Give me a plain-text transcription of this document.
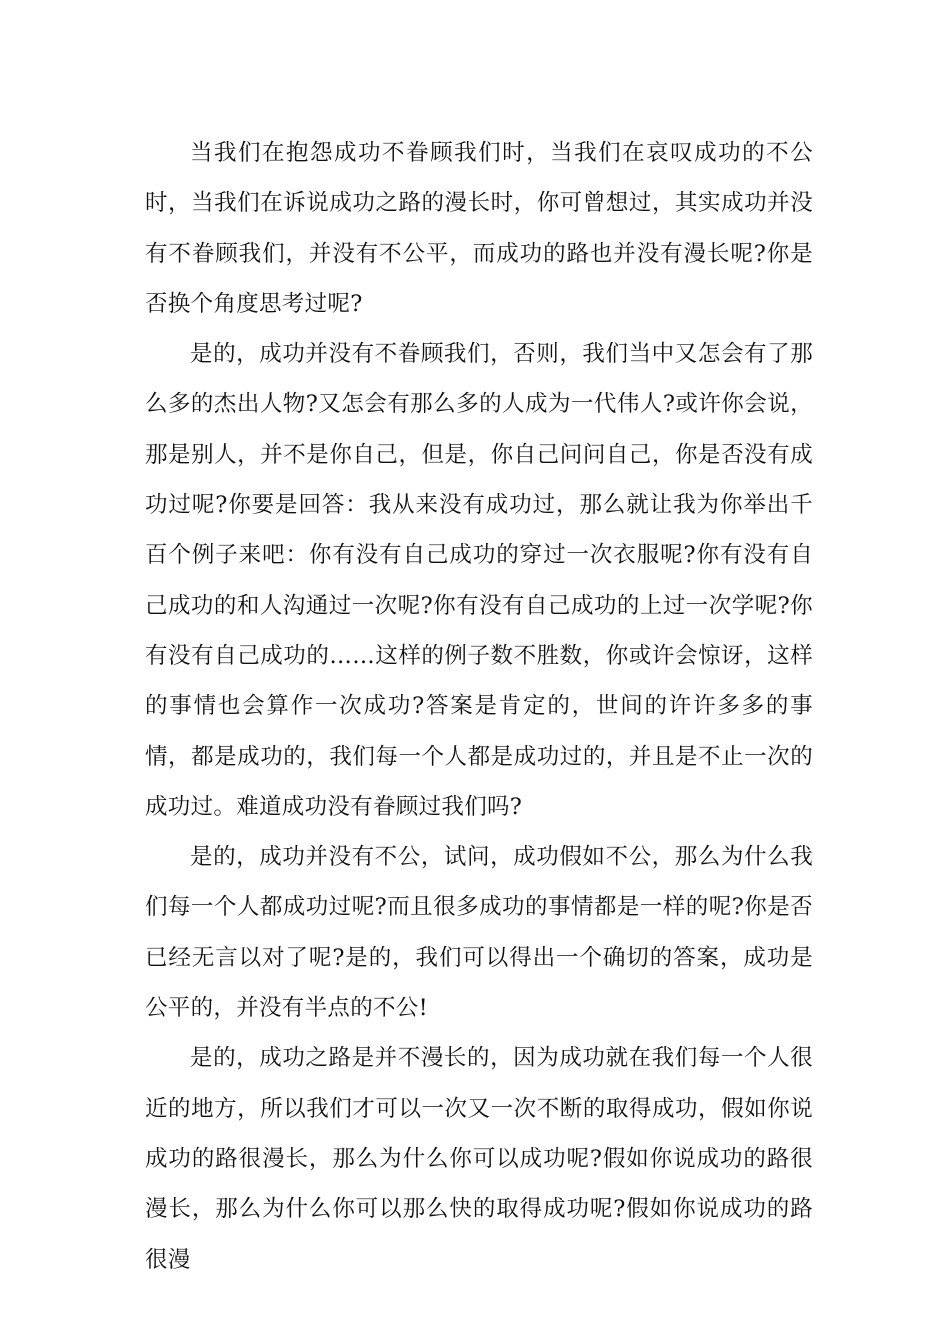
当我们在抱怨成功不眷顾我们时，当我们在哀叹成功的不公时，当我们在诉说成功之路的漫长时，你可曾想过，其实成功并没有不眷顾我们，并没有不公平，而成功的路也并没有漫长呢?你是否换个角度思考过呢?

是的，成功并没有不眷顾我们，否则，我们当中又怎会有了那么多的杰出人物?又怎会有那么多的人成为一代伟人?或许你会说，那是别人，并不是你自己，但是，你自己问问自己，你是否没有成功过呢?你要是回答：我从来没有成功过，那么就让我为你举出千百个例子来吧：你有没有自己成功的穿过一次衣服呢?你有没有自己成功的和人沟通过一次呢?你有没有自己成功的上过一次学呢?你有没有自己成功的……这样的例子数不胜数，你或许会惊讶，这样的事情也会算作一次成功?答案是肯定的，世间的许许多多的事情，都是成功的，我们每一个人都是成功过的，并且是不止一次的成功过。难道成功没有眷顾过我们吗?

是的，成功并没有不公，试问，成功假如不公，那么为什么我们每一个人都成功过呢?而且很多成功的事情都是一样的呢?你是否已经无言以对了呢?是的，我们可以得出一个确切的答案，成功是公平的，并没有半点的不公!

是的，成功之路是并不漫长的，因为成功就在我们每一个人很近的地方，所以我们才可以一次又一次不断的取得成功，假如你说成功的路很漫长，那么为什么你可以成功呢?假如你说成功的路很漫长，那么为什么你可以那么快的取得成功呢?假如你说成功的路很漫
